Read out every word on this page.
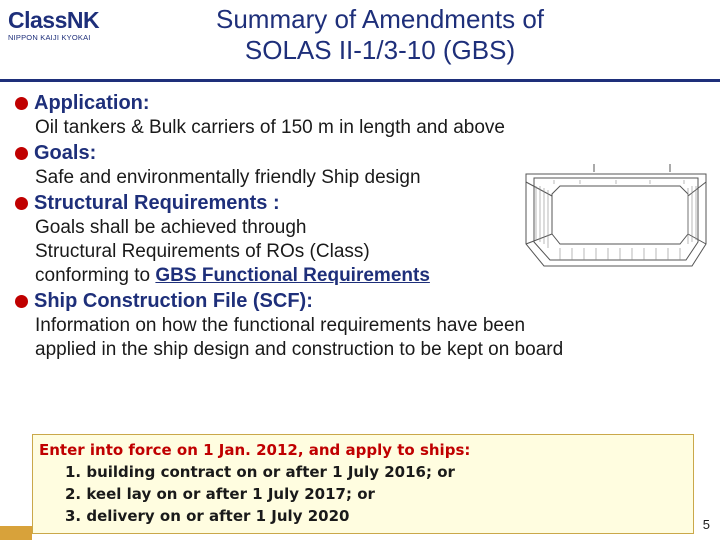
ClassNK
NIPPON KAIJI KYOKAI
Summary of Amendments of
SOLAS II-1/3-10 (GBS)
Application:
Oil tankers & Bulk carriers of 150 m in length and above
Goals:
Safe and environmentally friendly Ship design
Structural Requirements :
Goals shall be achieved through
Structural Requirements of ROs (Class)
conforming to GBS Functional Requirements
Ship Construction File (SCF):
Information on how the functional requirements have been
applied in the ship design and construction to be kept on board
Enter into force on 1 Jan. 2012, and apply to ships:
1. building contract on or after 1 July 2016; or
2. keel lay on or after 1 July 2017; or
3. delivery on or after 1 July 2020	5
